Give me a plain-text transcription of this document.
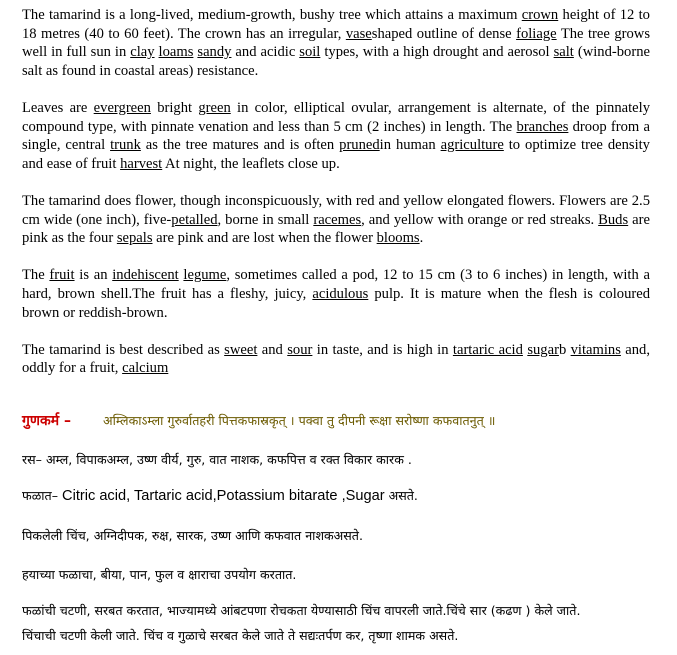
The tamarind is a long-lived, medium-growth, bushy tree which attains a maximum crown height of 12 to 18 metres (40 to 60 feet). The crown has an irregular, vaseshaped outline of dense foliage The tree grows well in full sun in clay loams sandy and acidic soil types, with a high drought and aerosol salt (wind-borne salt as found in coastal areas) resistance.

Leaves are evergreen bright green in color, elliptical ovular, arrangement is alternate, of the pinnately compound type, with pinnate venation and less than 5 cm (2 inches) in length. The branches droop from a single, central trunk as the tree matures and is often prunedin human agriculture to optimize tree density and ease of fruit harvest At night, the leaflets close up.

The tamarind does flower, though inconspicuously, with red and yellow elongated flowers. Flowers are 2.5 cm wide (one inch), five-petalled, borne in small racemes, and yellow with orange or red streaks. Buds are pink as the four sepals are pink and are lost when the flower blooms.

The fruit is an indehiscent legume, sometimes called a pod, 12 to 15 cm (3 to 6 inches) in length, with a hard, brown shell.The fruit has a fleshy, juicy, acidulous pulp. It is mature when the flesh is coloured brown or reddish-brown.

The tamarind is best described as sweet and sour in taste, and is high in tartaric acid sugarb vitamins and, oddly for a fruit, calcium

गुणकर्म –	अम्लिकाऽम्ला गुरुर्वातहरी पित्तकफास्रकृत् । पक्वा तु दीपनी रूक्षा सरोष्णा कफवातनुत् ॥
रस– अम्ल, विपाकअम्ल, उष्ण वीर्य, गुरु, वात नाशक, कफपित्त व रक्त विकार कारक .
फळात– Citric acid, Tartaric acid,Potassium bitarate ,Sugar असते.
पिकलेली चिंच, अग्निदीपक, रुक्ष, सारक, उष्ण आणि कफवात नाशकअसते.
हयाच्या फळाचा, बीया, पान, फुल व क्षाराचा उपयोग करतात.
फळांची चटणी, सरबत करतात, भाज्यामध्ये आंबटपणा रोचकता येण्यासाठी चिंच वापरली जाते.चिंचे सार (कढण ) केले जाते.
चिंचाची चटणी केली जाते. चिंच व गुळाचे सरबत केले जाते ते सद्यःतर्पण कर, तृष्णा शामक असते.
